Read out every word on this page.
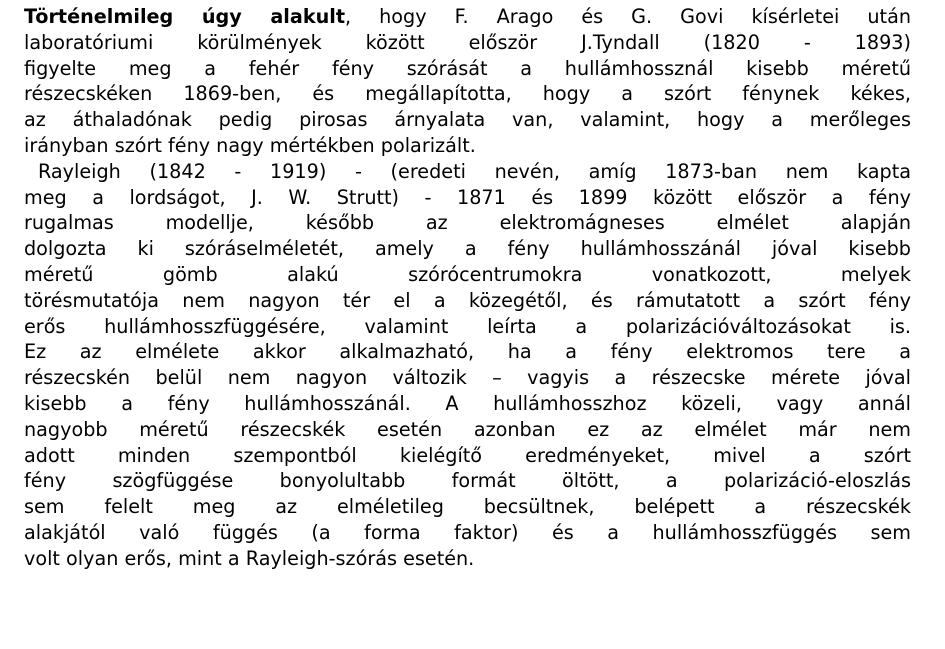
Történelmileg úgy alakult, hogy F. Arago és G. Govi kísérletei után
laboratóriumi körülmények között először J.Tyndall (1820 - 1893)
figyelte meg a fehér fény szórását a hullámhossznál kisebb méretű
részecskéken 1869-ben, és megállapította, hogy a szórt fénynek kékes,
az áthaladónak pedig pirosas árnyalata van, valamint, hogy a merőleges
irányban szórt fény nagy mértékben polarizált.
Rayleigh (1842 - 1919) - (eredeti nevén, amíg 1873-ban nem kapta
meg a lordságot, J. W. Strutt) - 1871 és 1899 között először a fény
rugalmas modellje, később az elektromágneses elmélet alapján
dolgozta ki szóráselméletét, amely a fény hullámhosszánál jóval kisebb
méretű gömb alakú szórócentrumokra vonatkozott, melyek
törésmutatója nem nagyon tér el a közegétől, és rámutatott a szórt fény
erős hullámhosszfüggésére, valamint leírta a polarizációváltozásokat is.
Ez az elmélete akkor alkalmazható, ha a fény elektromos tere a
részecskén belül nem nagyon változik – vagyis a részecske mérete jóval
kisebb a fény hullámhosszánál. A hullámhosszhoz közeli, vagy annál
nagyobb méretű részecskék esetén azonban ez az elmélet már nem
adott minden szempontból kielégítő eredményeket, mivel a szórt
fény szögfüggése bonyolultabb formát öltött, a polarizáció-eloszlás
sem felelt meg az elméletileg becsültnek, belépett a részecskék
alakjától való függés (a forma faktor) és a hullámhosszfüggés sem
volt olyan erős, mint a Rayleigh-szórás esetén.
